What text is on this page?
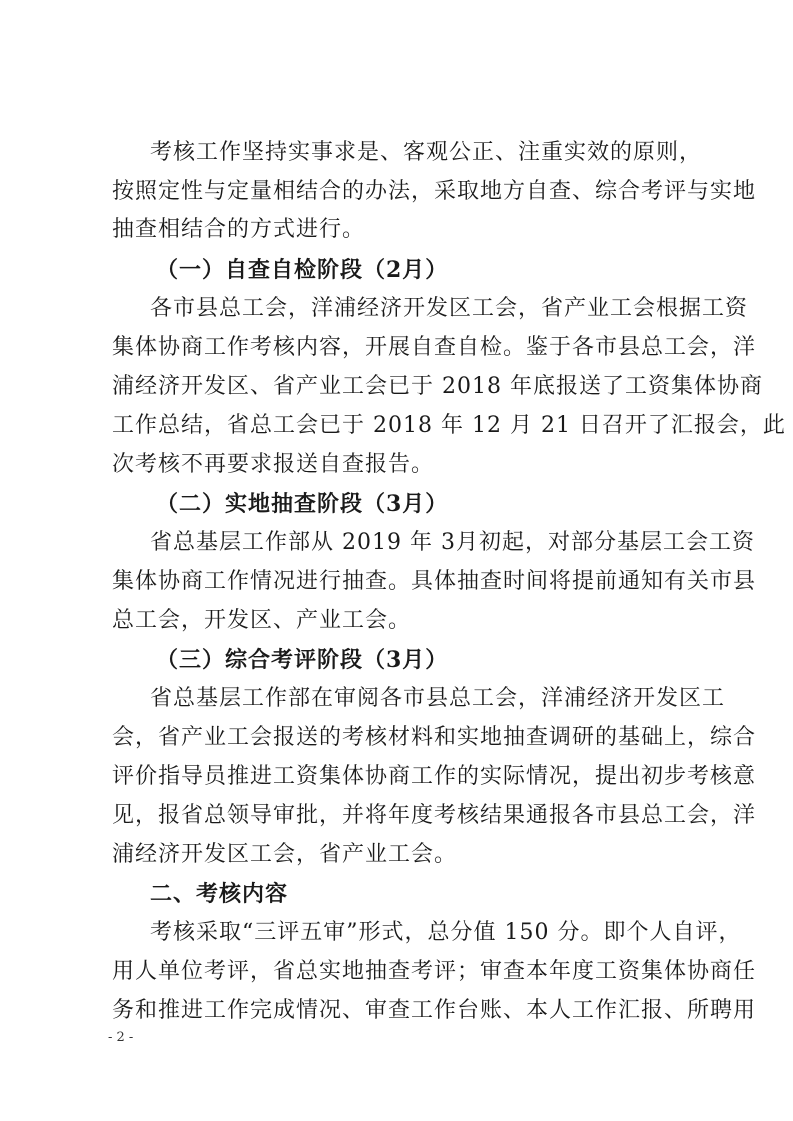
考核工作坚持实事求是、客观公正、注重实效的原则，
按照定性与定量相结合的办法，采取地方自查、综合考评与实地
抽查相结合的方式进行。
（一）自查自检阶段（2月）
各市县总工会，洋浦经济开发区工会，省产业工会根据工资
集体协商工作考核内容，开展自查自检。鉴于各市县总工会，洋
浦经济开发区、省产业工会已于 2018 年底报送了工资集体协商
工作总结，省总工会已于 2018 年 12 月 21 日召开了汇报会，此
次考核不再要求报送自查报告。
（二）实地抽查阶段（3月）
省总基层工作部从 2019 年 3月初起，对部分基层工会工资
集体协商工作情况进行抽查。具体抽查时间将提前通知有关市县
总工会，开发区、产业工会。
（三）综合考评阶段（3月）
省总基层工作部在审阅各市县总工会，洋浦经济开发区工
会，省产业工会报送的考核材料和实地抽查调研的基础上，综合
评价指导员推进工资集体协商工作的实际情况，提出初步考核意
见，报省总领导审批，并将年度考核结果通报各市县总工会，洋
浦经济开发区工会，省产业工会。
二、考核内容
考核采取“三评五审”形式，总分值 150 分。即个人自评，
用人单位考评，省总实地抽查考评；审查本年度工资集体协商任
务和推进工作完成情况、审查工作台账、本人工作汇报、所聘用
- 2 -
